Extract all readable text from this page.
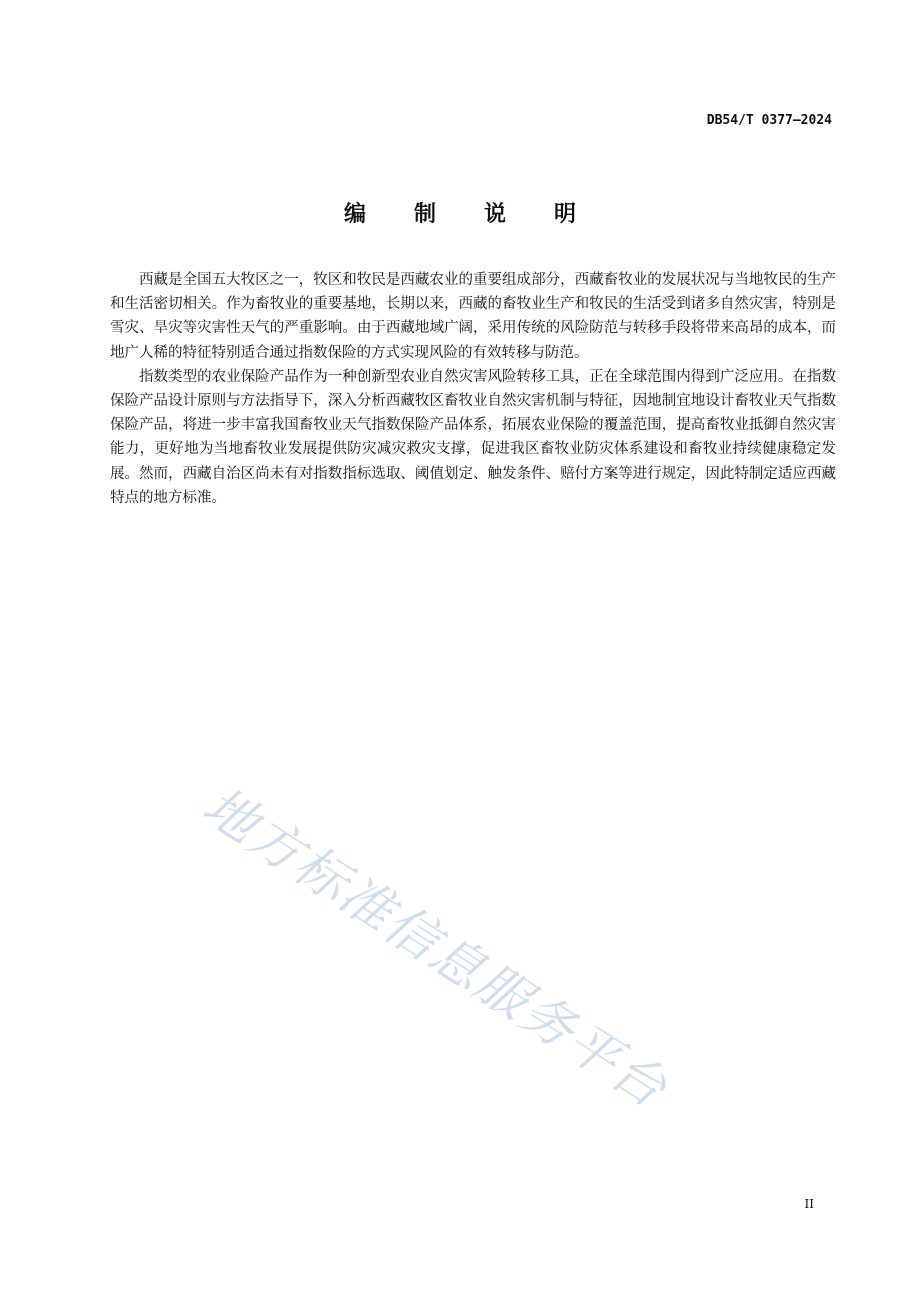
DB54/T 0377—2024
编制说明

西藏是全国五大牧区之一，牧区和牧民是西藏农业的重要组成部分，西藏畜牧业的发展状况与当地牧民的生产和生活密切相关。作为畜牧业的重要基地，长期以来，西藏的畜牧业生产和牧民的生活受到诸多自然灾害，特别是雪灾、旱灾等灾害性天气的严重影响。由于西藏地域广阔，采用传统的风险防范与转移手段将带来高昂的成本，而地广人稀的特征特别适合通过指数保险的方式实现风险的有效转移与防范。

指数类型的农业保险产品作为一种创新型农业自然灾害风险转移工具，正在全球范围内得到广泛应用。在指数保险产品设计原则与方法指导下，深入分析西藏牧区畜牧业自然灾害机制与特征，因地制宜地设计畜牧业天气指数保险产品，将进一步丰富我国畜牧业天气指数保险产品体系，拓展农业保险的覆盖范围，提高畜牧业抵御自然灾害能力，更好地为当地畜牧业发展提供防灾减灾救灾支撑，促进我区畜牧业防灾体系建设和畜牧业持续健康稳定发展。然而，西藏自治区尚未有对指数指标选取、阈值划定、触发条件、赔付方案等进行规定，因此特制定适应西藏特点的地方标准。

地方标准信息服务平台
II
